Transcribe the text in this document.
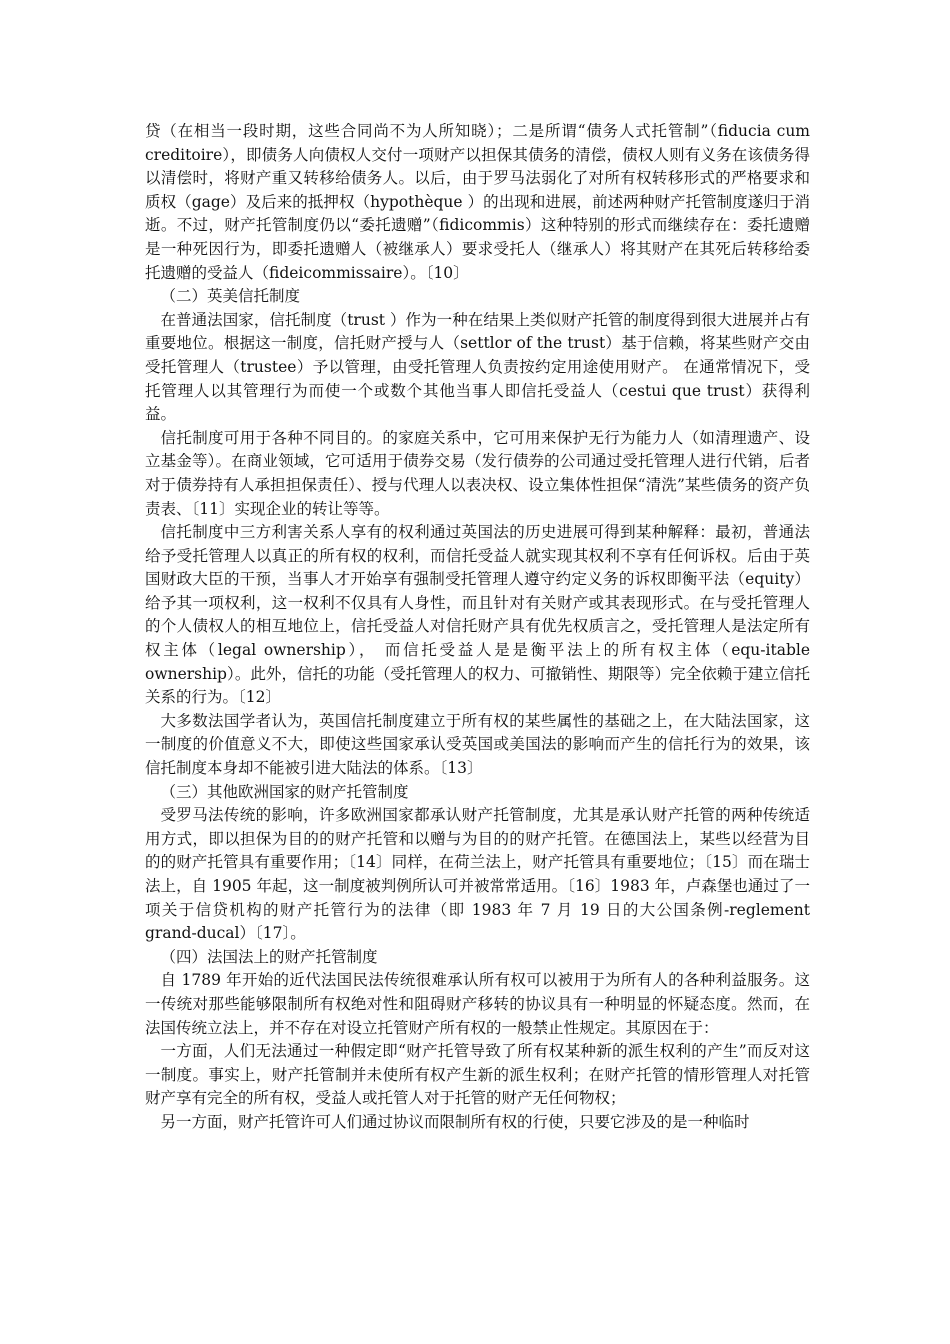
贷（在相当一段时期，这些合同尚不为人所知晓）；二是所谓“债务人式托管制”（fiducia cum creditoire），即债务人向债权人交付一项财产以担保其债务的清偿，债权人则有义务在该债务得以清偿时，将财产重又转移给债务人。以后，由于罗马法弱化了对所有权转移形式的严格要求和质权（gage）及后来的抵押权（hypothèque ）的出现和进展，前述两种财产托管制度遂归于消逝。不过，财产托管制度仍以“委托遗赠”（fidicommis）这种特别的形式而继续存在：委托遗赠是一种死因行为，即委托遗赠人（被继承人）要求受托人（继承人）将其财产在其死后转移给委托遗赠的受益人（fideicommissaire）。〔10〕

（二）英美信托制度

在普通法国家，信托制度（trust ）作为一种在结果上类似财产托管的制度得到很大进展并占有重要地位。根据这一制度，信托财产授与人（settlor of the trust）基于信赖，将某些财产交由受托管理人（trustee）予以管理，由受托管理人负责按约定用途使用财产。 在通常情况下，受托管理人以其管理行为而使一个或数个其他当事人即信托受益人（cestui que trust）获得利益。

信托制度可用于各种不同目的。的家庭关系中，它可用来保护无行为能力人（如清理遗产、设立基金等）。在商业领域，它可适用于债券交易（发行债券的公司通过受托管理人进行代销，后者对于债券持有人承担担保责任）、授与代理人以表决权、设立集体性担保“清洗”某些债务的资产负责表、〔11〕实现企业的转让等等。

信托制度中三方利害关系人享有的权利通过英国法的历史进展可得到某种解释：最初，普通法给予受托管理人以真正的所有权的权利，而信托受益人就实现其权利不享有任何诉权。后由于英国财政大臣的干预，当事人才开始享有强制受托管理人遵守约定义务的诉权即衡平法（equity）给予其一项权利，这一权利不仅具有人身性，而且针对有关财产或其表现形式。在与受托管理人的个人债权人的相互地位上，信托受益人对信托财产具有优先权质言之，受托管理人是法定所有权主体（legal ownership）， 而信托受益人是是衡平法上的所有权主体（equ-itable ownership）。此外，信托的功能（受托管理人的权力、可撤销性、期限等）完全依赖于建立信托关系的行为。〔12〕

大多数法国学者认为，英国信托制度建立于所有权的某些属性的基础之上，在大陆法国家，这一制度的价值意义不大，即使这些国家承认受英国或美国法的影响而产生的信托行为的效果，该信托制度本身却不能被引进大陆法的体系。〔13〕

（三）其他欧洲国家的财产托管制度

受罗马法传统的影响，许多欧洲国家都承认财产托管制度，尤其是承认财产托管的两种传统适用方式，即以担保为目的的财产托管和以赠与为目的的财产托管。在德国法上，某些以经营为目的的财产托管具有重要作用；〔14〕同样，在荷兰法上，财产托管具有重要地位；〔15〕而在瑞士法上，自 1905 年起，这一制度被判例所认可并被常常适用。〔16〕1983 年，卢森堡也通过了一项关于信贷机构的财产托管行为的法律（即 1983 年 7 月 19 日的大公国条例-reglement grand-ducal）〔17〕。

（四）法国法上的财产托管制度

自 1789 年开始的近代法国民法传统很难承认所有权可以被用于为所有人的各种利益服务。这一传统对那些能够限制所有权绝对性和阻碍财产移转的协议具有一种明显的怀疑态度。然而，在法国传统立法上，并不存在对设立托管财产所有权的一般禁止性规定。其原因在于：

一方面，人们无法通过一种假定即“财产托管导致了所有权某种新的派生权利的产生”而反对这一制度。事实上，财产托管制并未使所有权产生新的派生权利；在财产托管的情形管理人对托管财产享有完全的所有权，受益人或托管人对于托管的财产无任何物权；

另一方面，财产托管许可人们通过协议而限制所有权的行使，只要它涉及的是一种临时
